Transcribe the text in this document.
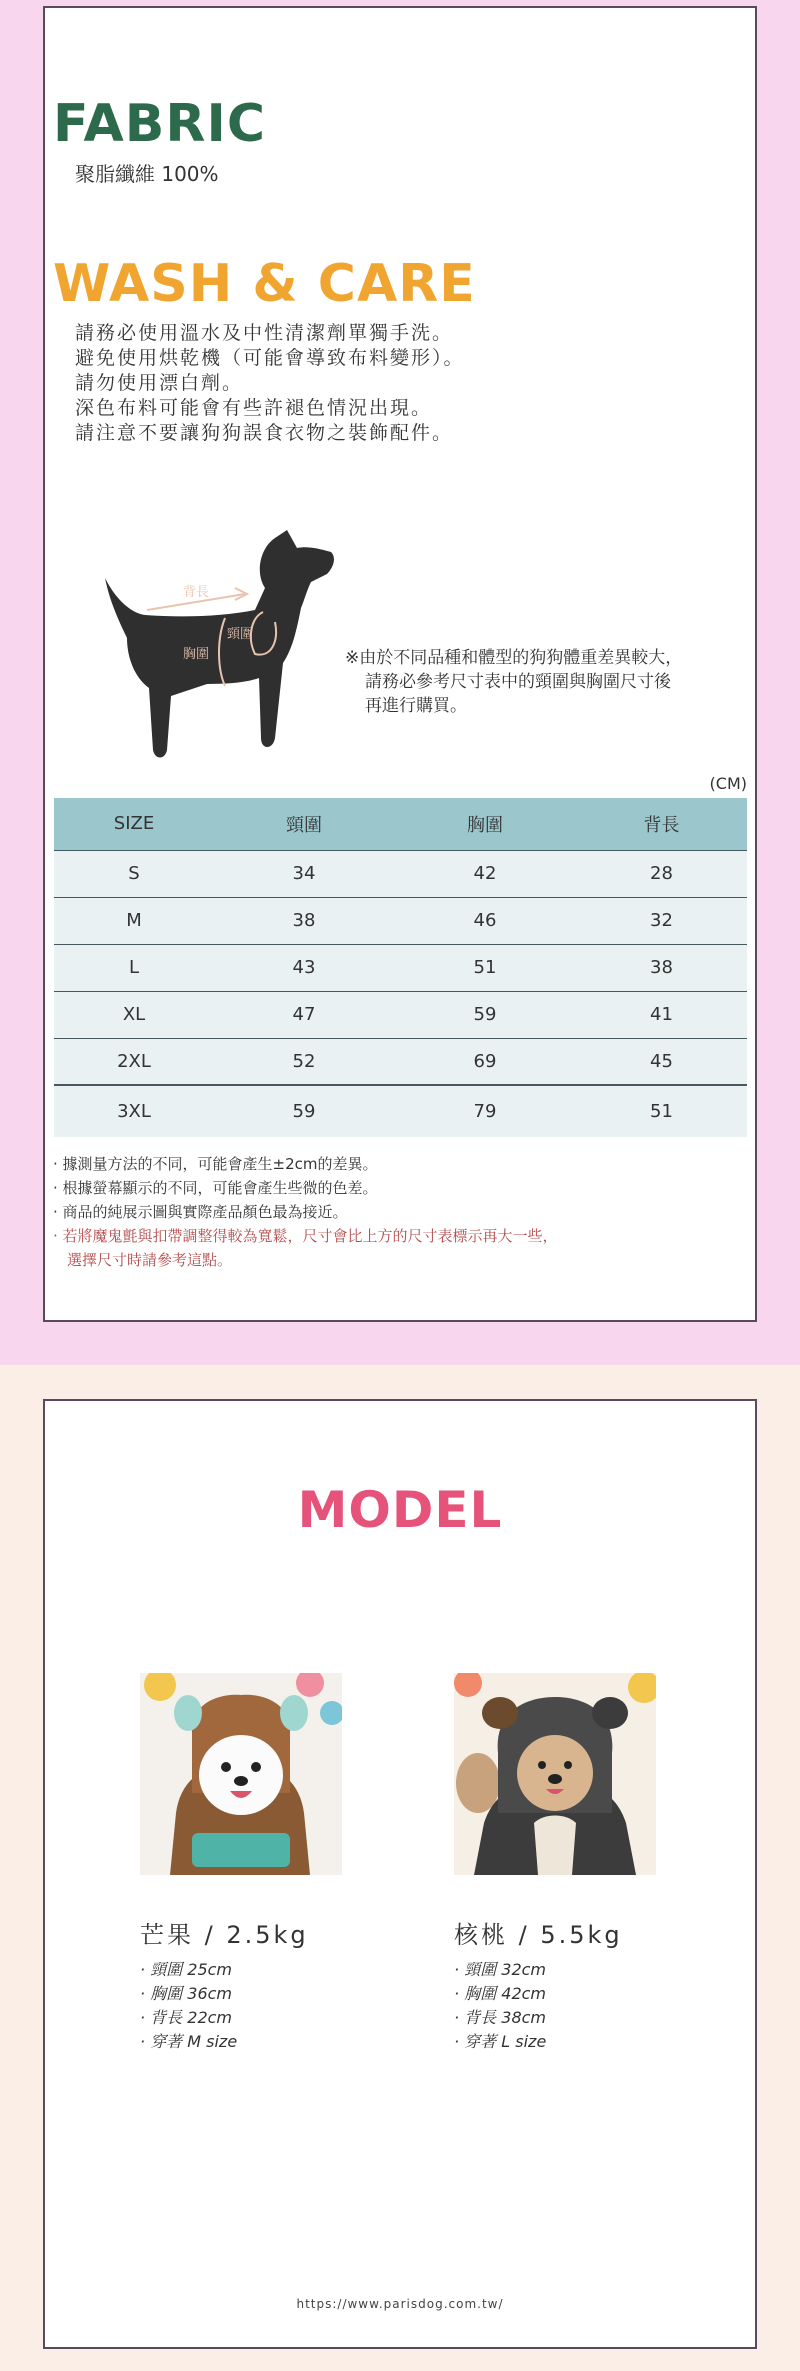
FABRIC
聚脂纖維 100%
WASH & CARE
請務必使用溫水及中性清潔劑單獨手洗。
避免使用烘乾機（可能會導致布料變形）。
請勿使用漂白劑。
深色布料可能會有些許褪色情況出現。
請注意不要讓狗狗誤食衣物之裝飾配件。
背長
頸圍
胸圍	※由於不同品種和體型的狗狗體重差異較大，
請務必參考尺寸表中的頸圍與胸圍尺寸後
再進行購買。
(CM)
SIZE	頸圍	胸圍	背長
S	34	42	28
M	38	46	32
L	43	51	38
XL	47	59	41
2XL	52	69	45
3XL	59	79	51
· 據測量方法的不同，可能會產生±2cm的差異。
· 根據螢幕顯示的不同，可能會產生些微的色差。
· 商品的純展示圖與實際產品顏色最為接近。
· 若將魔鬼氈與扣帶調整得較為寬鬆，尺寸會比上方的尺寸表標示再大一些，
選擇尺寸時請參考這點。
MODEL
芒果 / 2.5kg
· 頸圍 25cm
· 胸圍 36cm
· 背長 22cm
· 穿著 M size
核桃 / 5.5kg
· 頸圍 32cm
· 胸圍 42cm
· 背長 38cm
· 穿著 L size
https://www.parisdog.com.tw/
